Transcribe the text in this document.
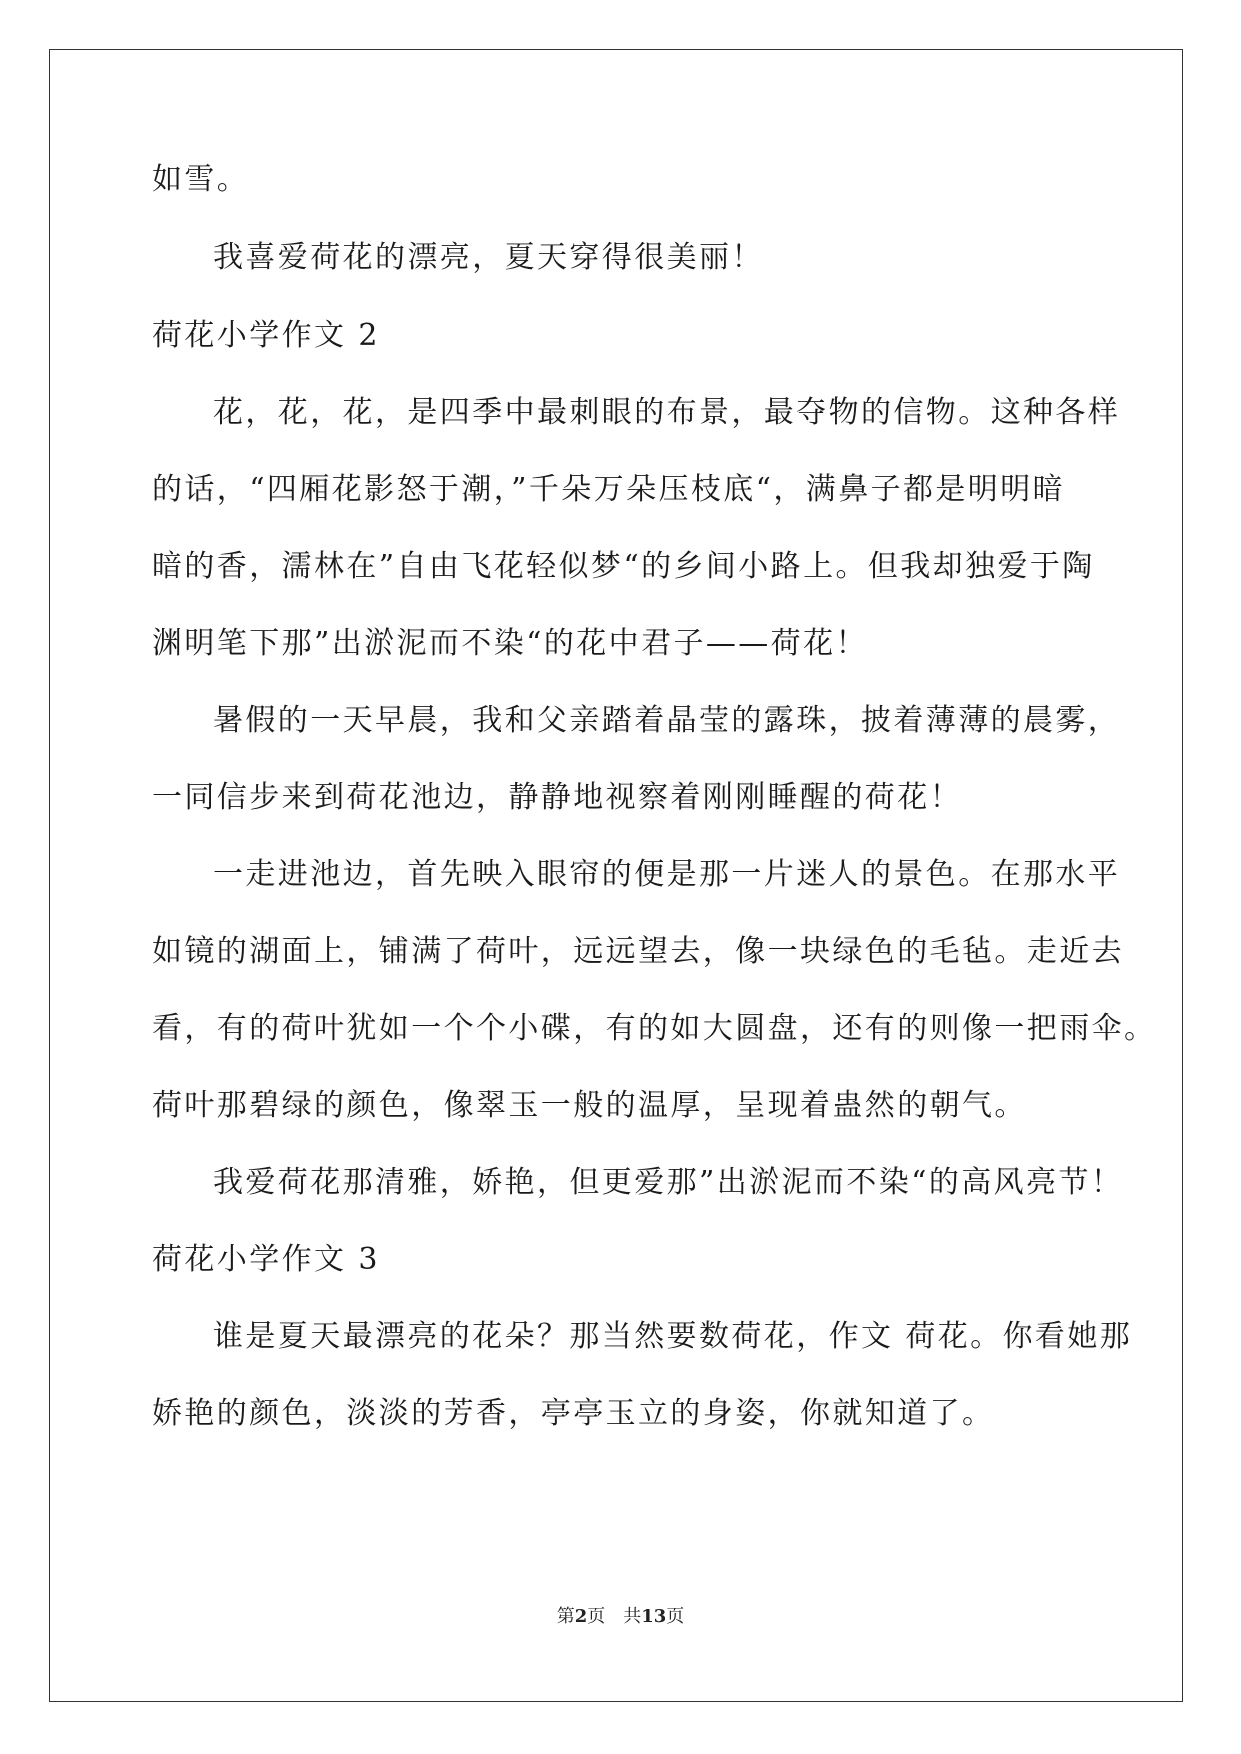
如雪。
我喜爱荷花的漂亮，夏天穿得很美丽！
荷花小学作文 2
花，花，花，是四季中最刺眼的布景，最夺物的信物。这种各样
的话，“四厢花影怒于潮，”千朵万朵压枝底“，满鼻子都是明明暗
暗的香，濡林在”自由飞花轻似梦“的乡间小路上。但我却独爱于陶
渊明笔下那”出淤泥而不染“的花中君子——荷花！
暑假的一天早晨，我和父亲踏着晶莹的露珠，披着薄薄的晨雾，
一同信步来到荷花池边，静静地视察着刚刚睡醒的荷花！
一走进池边，首先映入眼帘的便是那一片迷人的景色。在那水平
如镜的湖面上，铺满了荷叶，远远望去，像一块绿色的毛毡。走近去
看，有的荷叶犹如一个个小碟，有的如大圆盘，还有的则像一把雨伞。
荷叶那碧绿的颜色，像翠玉一般的温厚，呈现着蛊然的朝气。
我爱荷花那清雅，娇艳，但更爱那”出淤泥而不染“的高风亮节！
荷花小学作文 3
谁是夏天最漂亮的花朵？那当然要数荷花，作文 荷花。你看她那
娇艳的颜色，淡淡的芳香，亭亭玉立的身姿，你就知道了。
第2页　共13页
